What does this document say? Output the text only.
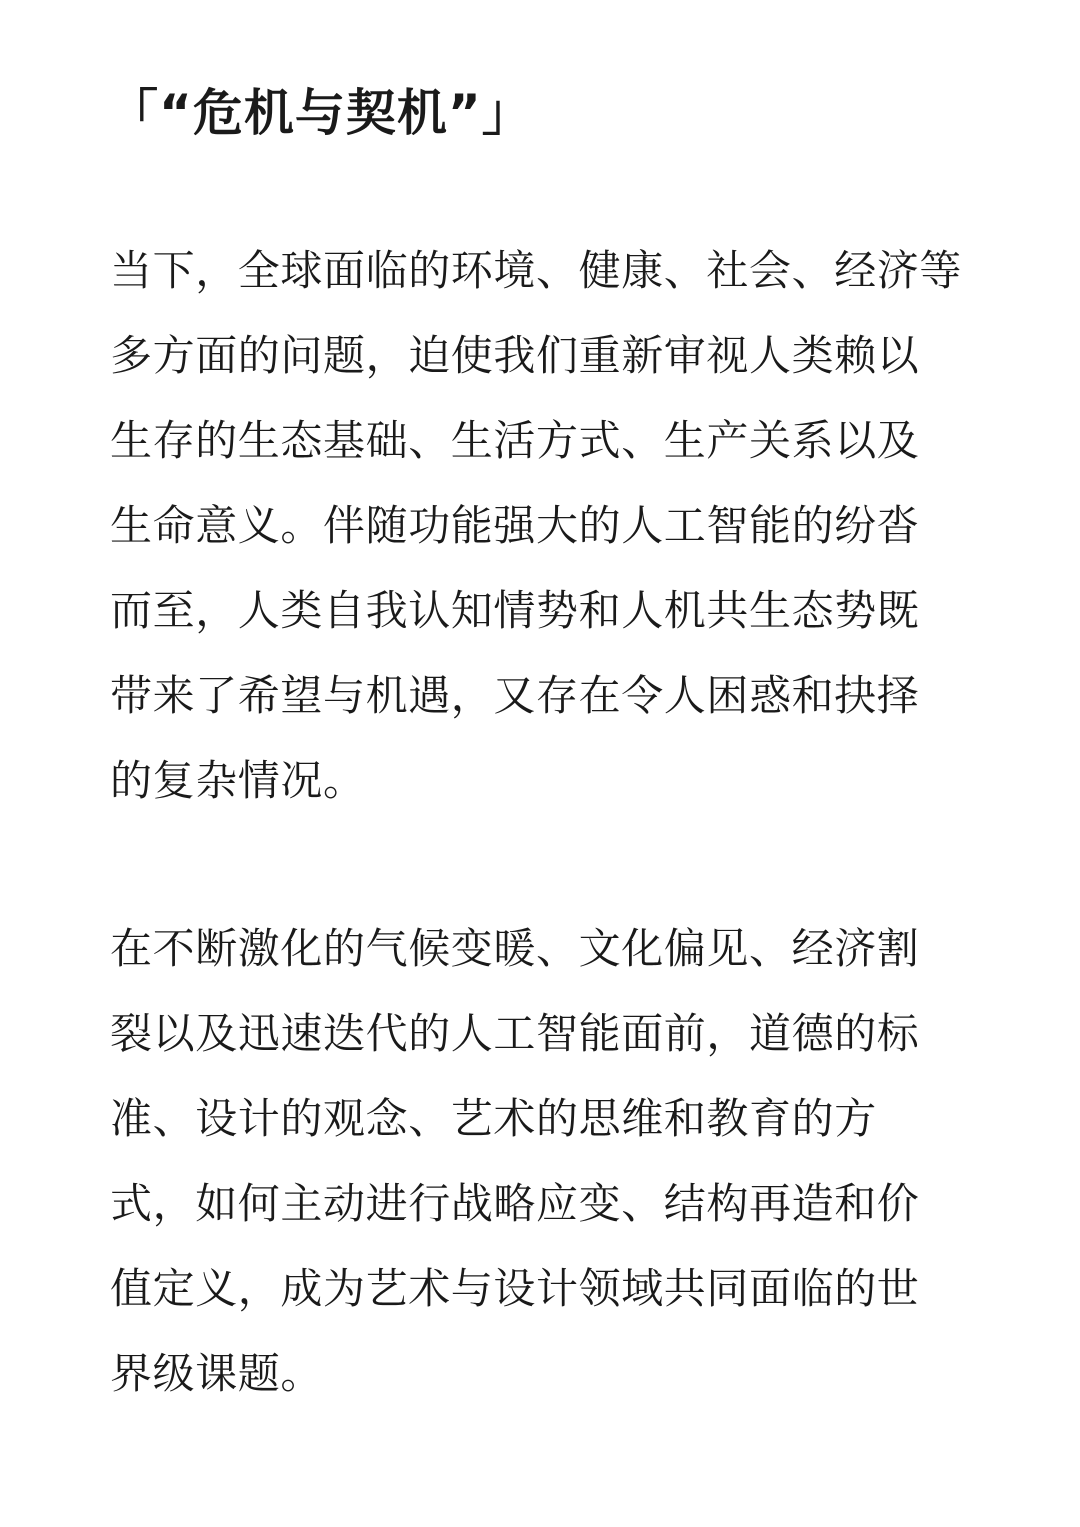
「“危机与契机”」
当下，全球面临的环境、健康、社会、经济等
多方面的问题，迫使我们重新审视人类赖以
生存的生态基础、生活方式、生产关系以及
生命意义。伴随功能强大的人工智能的纷沓
而至，人类自我认知情势和人机共生态势既
带来了希望与机遇，又存在令人困惑和抉择
的复杂情况。
在不断激化的气候变暖、文化偏见、经济割
裂以及迅速迭代的人工智能面前，道德的标
准、设计的观念、艺术的思维和教育的方
式，如何主动进行战略应变、结构再造和价
值定义，成为艺术与设计领域共同面临的世
界级课题。
